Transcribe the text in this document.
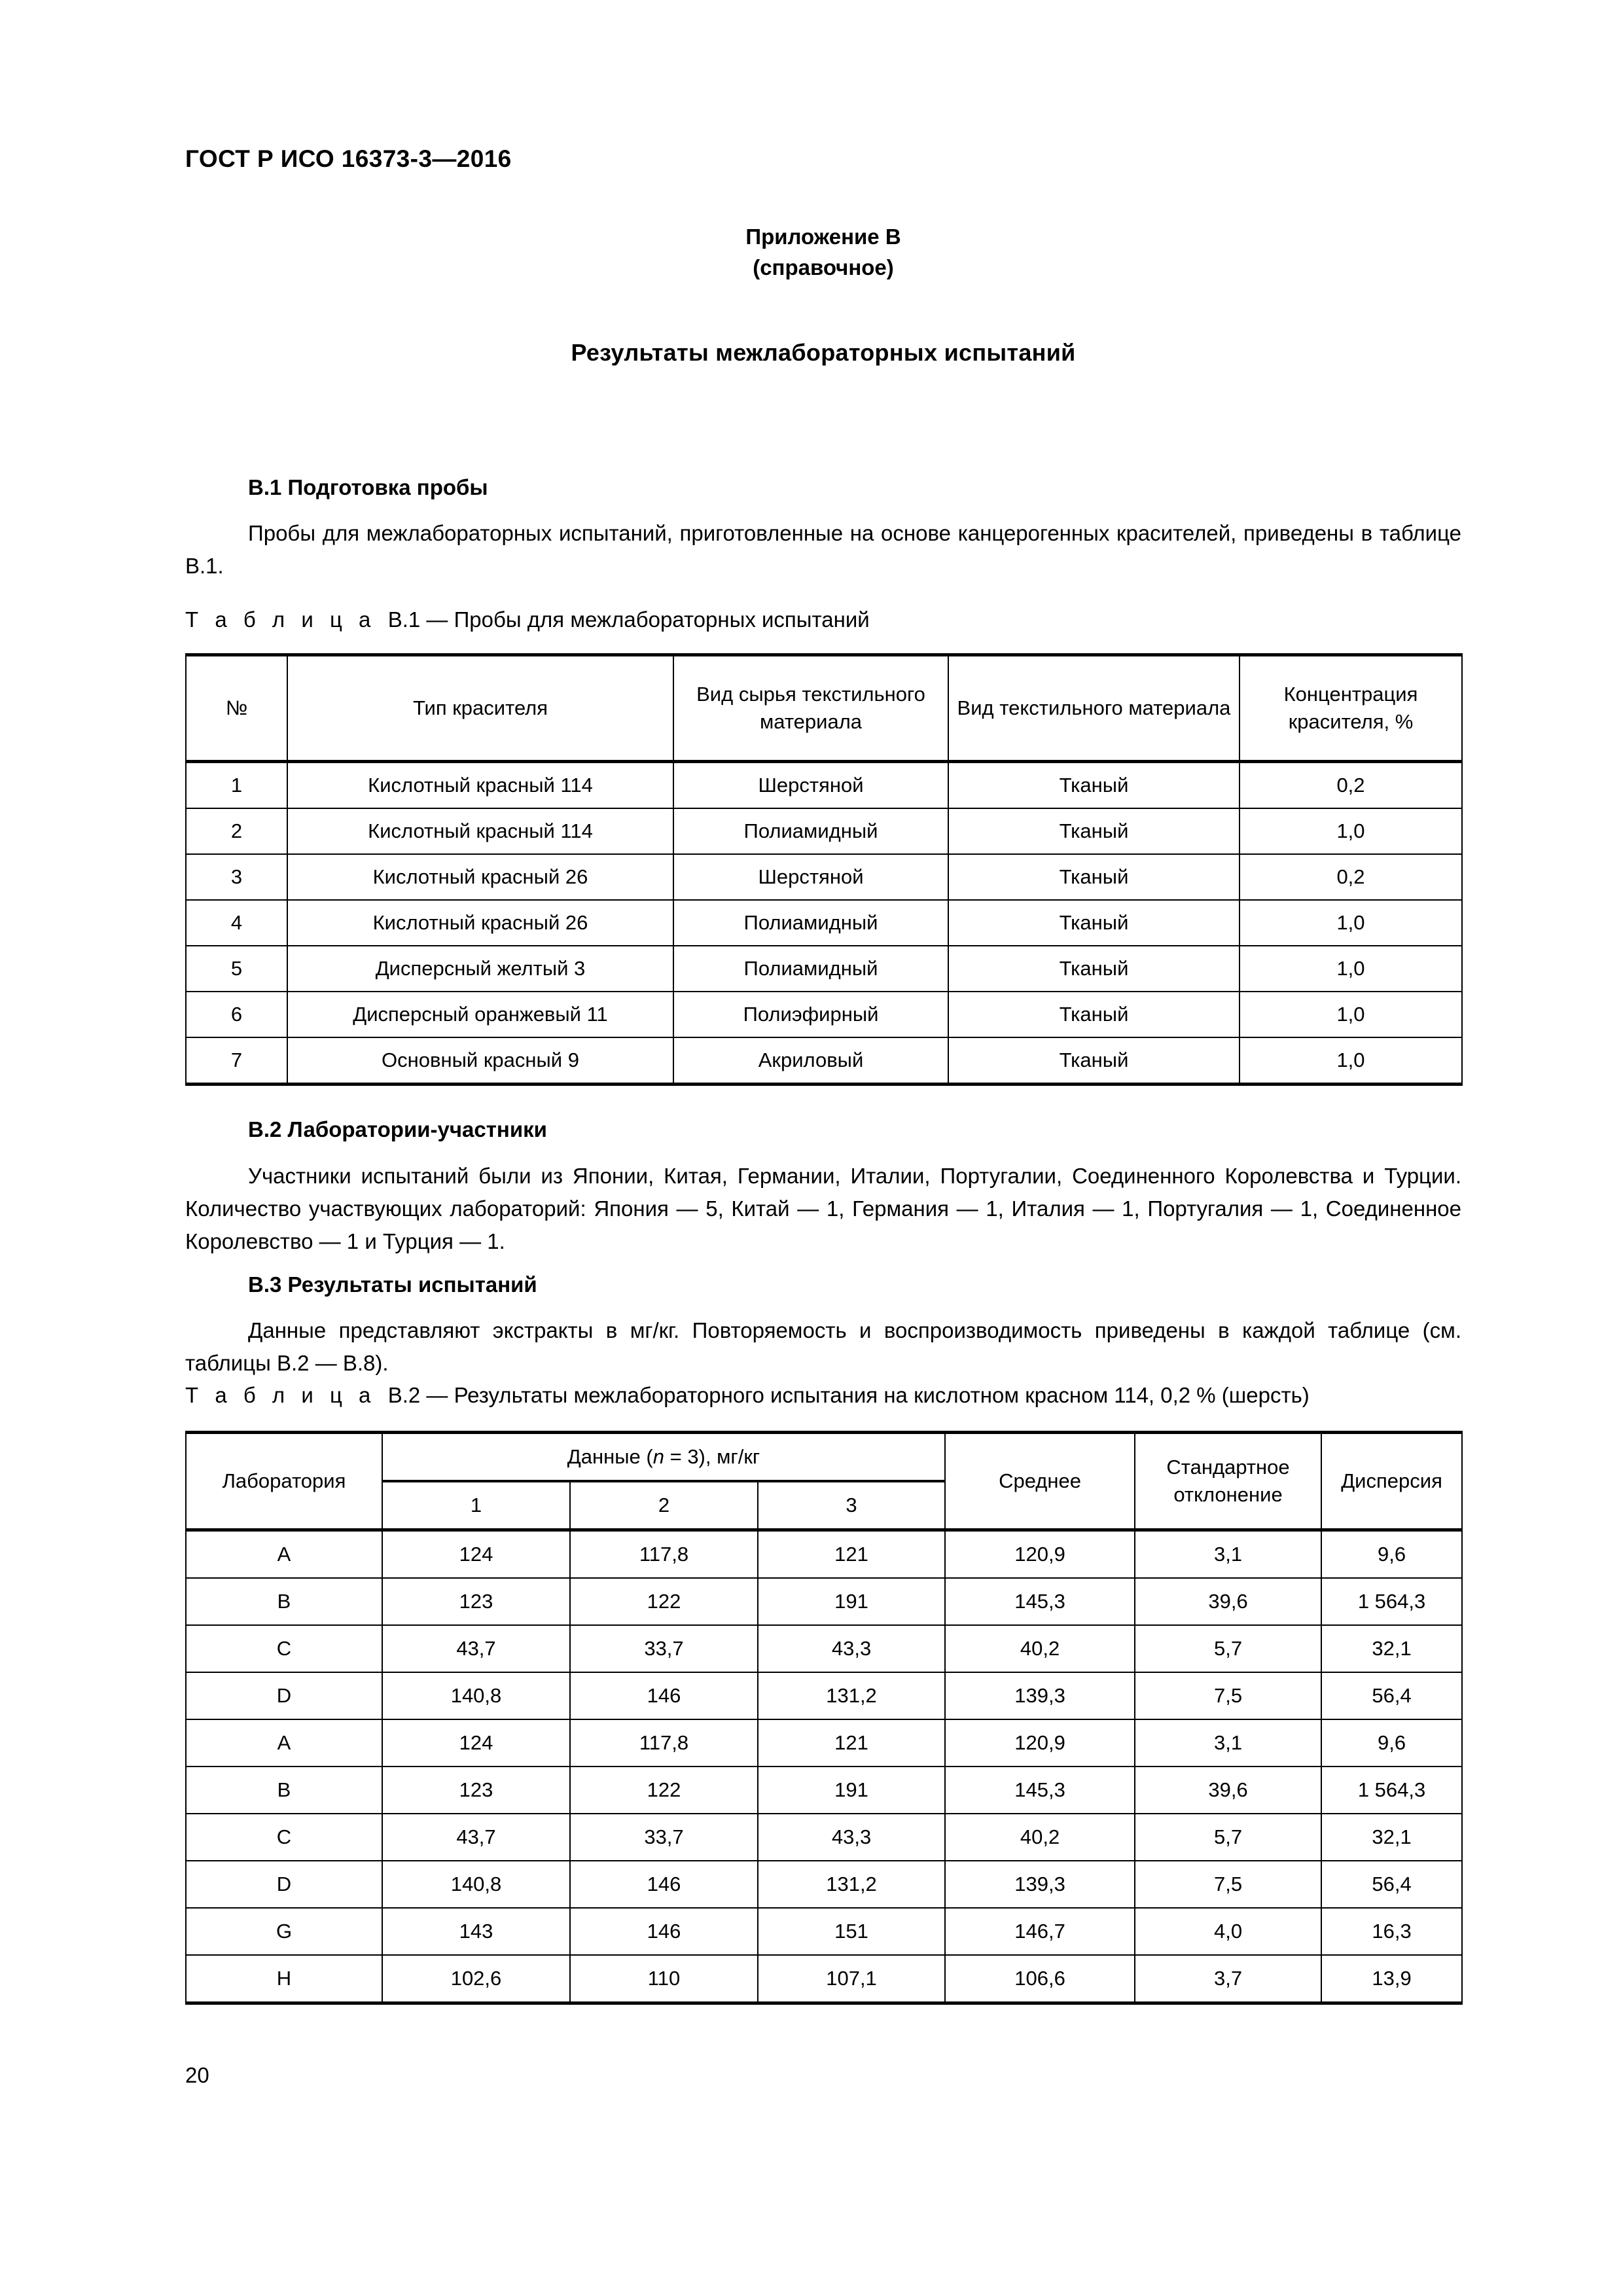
ГОСТ Р ИСО 16373-3—2016
Приложение В
(справочное)
Результаты межлабораторных испытаний
В.1 Подготовка пробы

Пробы для межлабораторных испытаний, приготовленные на основе канцерогенных красителей, приведены в таблице В.1.

Т а б л и ц а В.1 — Пробы для межлабораторных испытаний
№	Тип красителя	Вид сырья текстильного материала	Вид текстильного материала	Концентрация красителя, %
1	Кислотный красный 114	Шерстяной	Тканый	0,2
2	Кислотный красный 114	Полиамидный	Тканый	1,0
3	Кислотный красный 26	Шерстяной	Тканый	0,2
4	Кислотный красный 26	Полиамидный	Тканый	1,0
5	Дисперсный желтый 3	Полиамидный	Тканый	1,0
6	Дисперсный оранжевый 11	Полиэфирный	Тканый	1,0
7	Основный красный 9	Акриловый	Тканый	1,0
В.2 Лаборатории-участники

Участники испытаний были из Японии, Китая, Германии, Италии, Португалии, Соединенного Королевства и Турции. Количество участвующих лабораторий: Япония — 5, Китай — 1, Германия — 1, Италия — 1, Португалия — 1, Соединенное Королевство — 1 и Турция — 1.

В.3 Результаты испытаний

Данные представляют экстракты в мг/кг. Повторяемость и воспроизводимость приведены в каждой таблице (см. таблицы В.2 — В.8).

Т а б л и ц а В.2 — Результаты межлабораторного испытания на кислотном красном 114, 0,2 % (шерсть)
Лаборатория	Данные (n = 3), мг/кг			Среднее	Стандартное отклонение	Дисперсия
	1	2	3			
A	124	117,8	121	120,9	3,1	9,6
B	123	122	191	145,3	39,6	1 564,3
C	43,7	33,7	43,3	40,2	5,7	32,1
D	140,8	146	131,2	139,3	7,5	56,4
A	124	117,8	121	120,9	3,1	9,6
B	123	122	191	145,3	39,6	1 564,3
C	43,7	33,7	43,3	40,2	5,7	32,1
D	140,8	146	131,2	139,3	7,5	56,4
G	143	146	151	146,7	4,0	16,3
H	102,6	110	107,1	106,6	3,7	13,9
20
